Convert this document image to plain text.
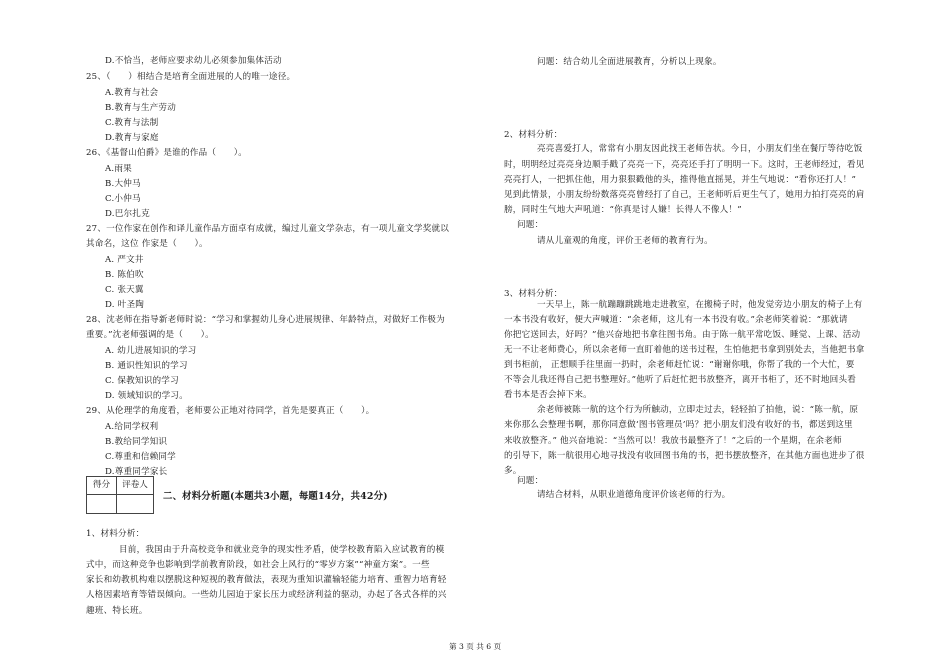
D.不恰当，老师应要求幼儿必须参加集体活动
25、（　　）相结合是培育全面进展的人的唯一途径。
A.教育与社会
B.教育与生产劳动
C.教育与法制
D.教育与家庭
26、《基督山伯爵》是谁的作品（　　）。
A.雨果
B.大仲马
C.小仲马
D.巴尔扎克
27、一位作家在创作和译儿童作品方面卓有成就，编过儿童文学杂志，有一项儿童文学奖就以
其命名，这位 作家是（　　）。
A. 严文井
B. 陈伯吹
C. 张天翼
D. 叶圣陶
28、沈老师在指导新老师时说：“学习和掌握幼儿身心进展规律、年龄特点，对做好工作极为
重要。”沈老师强调的是（　　）。
A. 幼儿进展知识的学习
B. 通识性知识的学习
C. 保教知识的学习
D. 领域知识的学习。
29、从伦理学的角度看，老师要公正地对待同学，首先是要真正（　　）。
A.给同学权利
B.教给同学知识
C.尊重和信赖同学
D.尊重同学家长
得分	评卷人
二、材料分析题(本题共3小题，每题14分，共42分)
1、材料分析：
目前，我国由于升高校竞争和就业竞争的现实性矛盾，使学校教育陷入应试教育的模
式中，而这种竞争也影响到学前教育阶段，如社会上风行的“零岁方案”“神童方案”。一些
家长和幼教机构难以摆脱这种短视的教育做法，表现为重知识灌输轻能力培育、重智力培育轻
人格因素培育等错误倾向。一些幼儿园迫于家长压力或经济利益的驱动，办起了各式各样的兴
趣班、特长班。
问题：结合幼儿全面进展教育，分析以上现象。
2、材料分析：
亮亮喜爱打人，常常有小朋友因此找王老师告状。今日，小朋友们坐在餐厅等待吃饭
时，明明经过亮亮身边顺手戳了亮亮一下，亮亮还手打了明明一下。这时，王老师经过，看见
亮亮打人，一把抓住他，用力狠狠戳他的头，推得他直摇晃，并生气地说：“看你还打人！”
见到此情景，小朋友纷纷数落亮亮曾经打了自己，王老师听后更生气了，她用力拍打亮亮的肩
膀，同时生气地大声吼道：“你真是讨人嫌！长得人不像人！”
问题：
请从儿童观的角度，评价王老师的教育行为。
3、材料分析：
一天早上，陈一航蹦蹦跳跳地走进教室，在搬椅子时，他发觉旁边小朋友的椅子上有
一本书没有收好，便大声喊道：“余老师，这儿有一本书没有收。”余老师笑着说：“那就请
你把它送回去，好吗？”他兴奋地把书拿往图书角。由于陈一航平常吃饭、睡觉、上课、活动
无一不让老师费心，所以余老师一直盯着他的送书过程，生怕他把书拿到别处去，当他把书拿
到书柜前， 正想顺手往里面一扔时，余老师赶忙说：“谢谢你哦，你帮了我的一个大忙，要
不等会儿我还得自己把书整理好。”他听了后赶忙把书放整齐，离开书柜了，还不时地回头看
看书本是否会掉下来。
余老师被陈一航的这个行为所触动，立即走过去，轻轻拍了拍他，说：“陈一航，原
来你那么会整理书啊，那你同意做‘图书管理员’吗？把小朋友们没有收好的书，都送到这里
来收放整齐。” 他兴奋地说：“当然可以！我放书最整齐了！”之后的一个星期，在余老师
的引导下，陈一航很用心地寻找没有收回图书角的书，把书摆放整齐，在其他方面也进步了很
多。
问题：
请结合材料，从职业道德角度评价该老师的行为。
第 3 页 共 6 页
